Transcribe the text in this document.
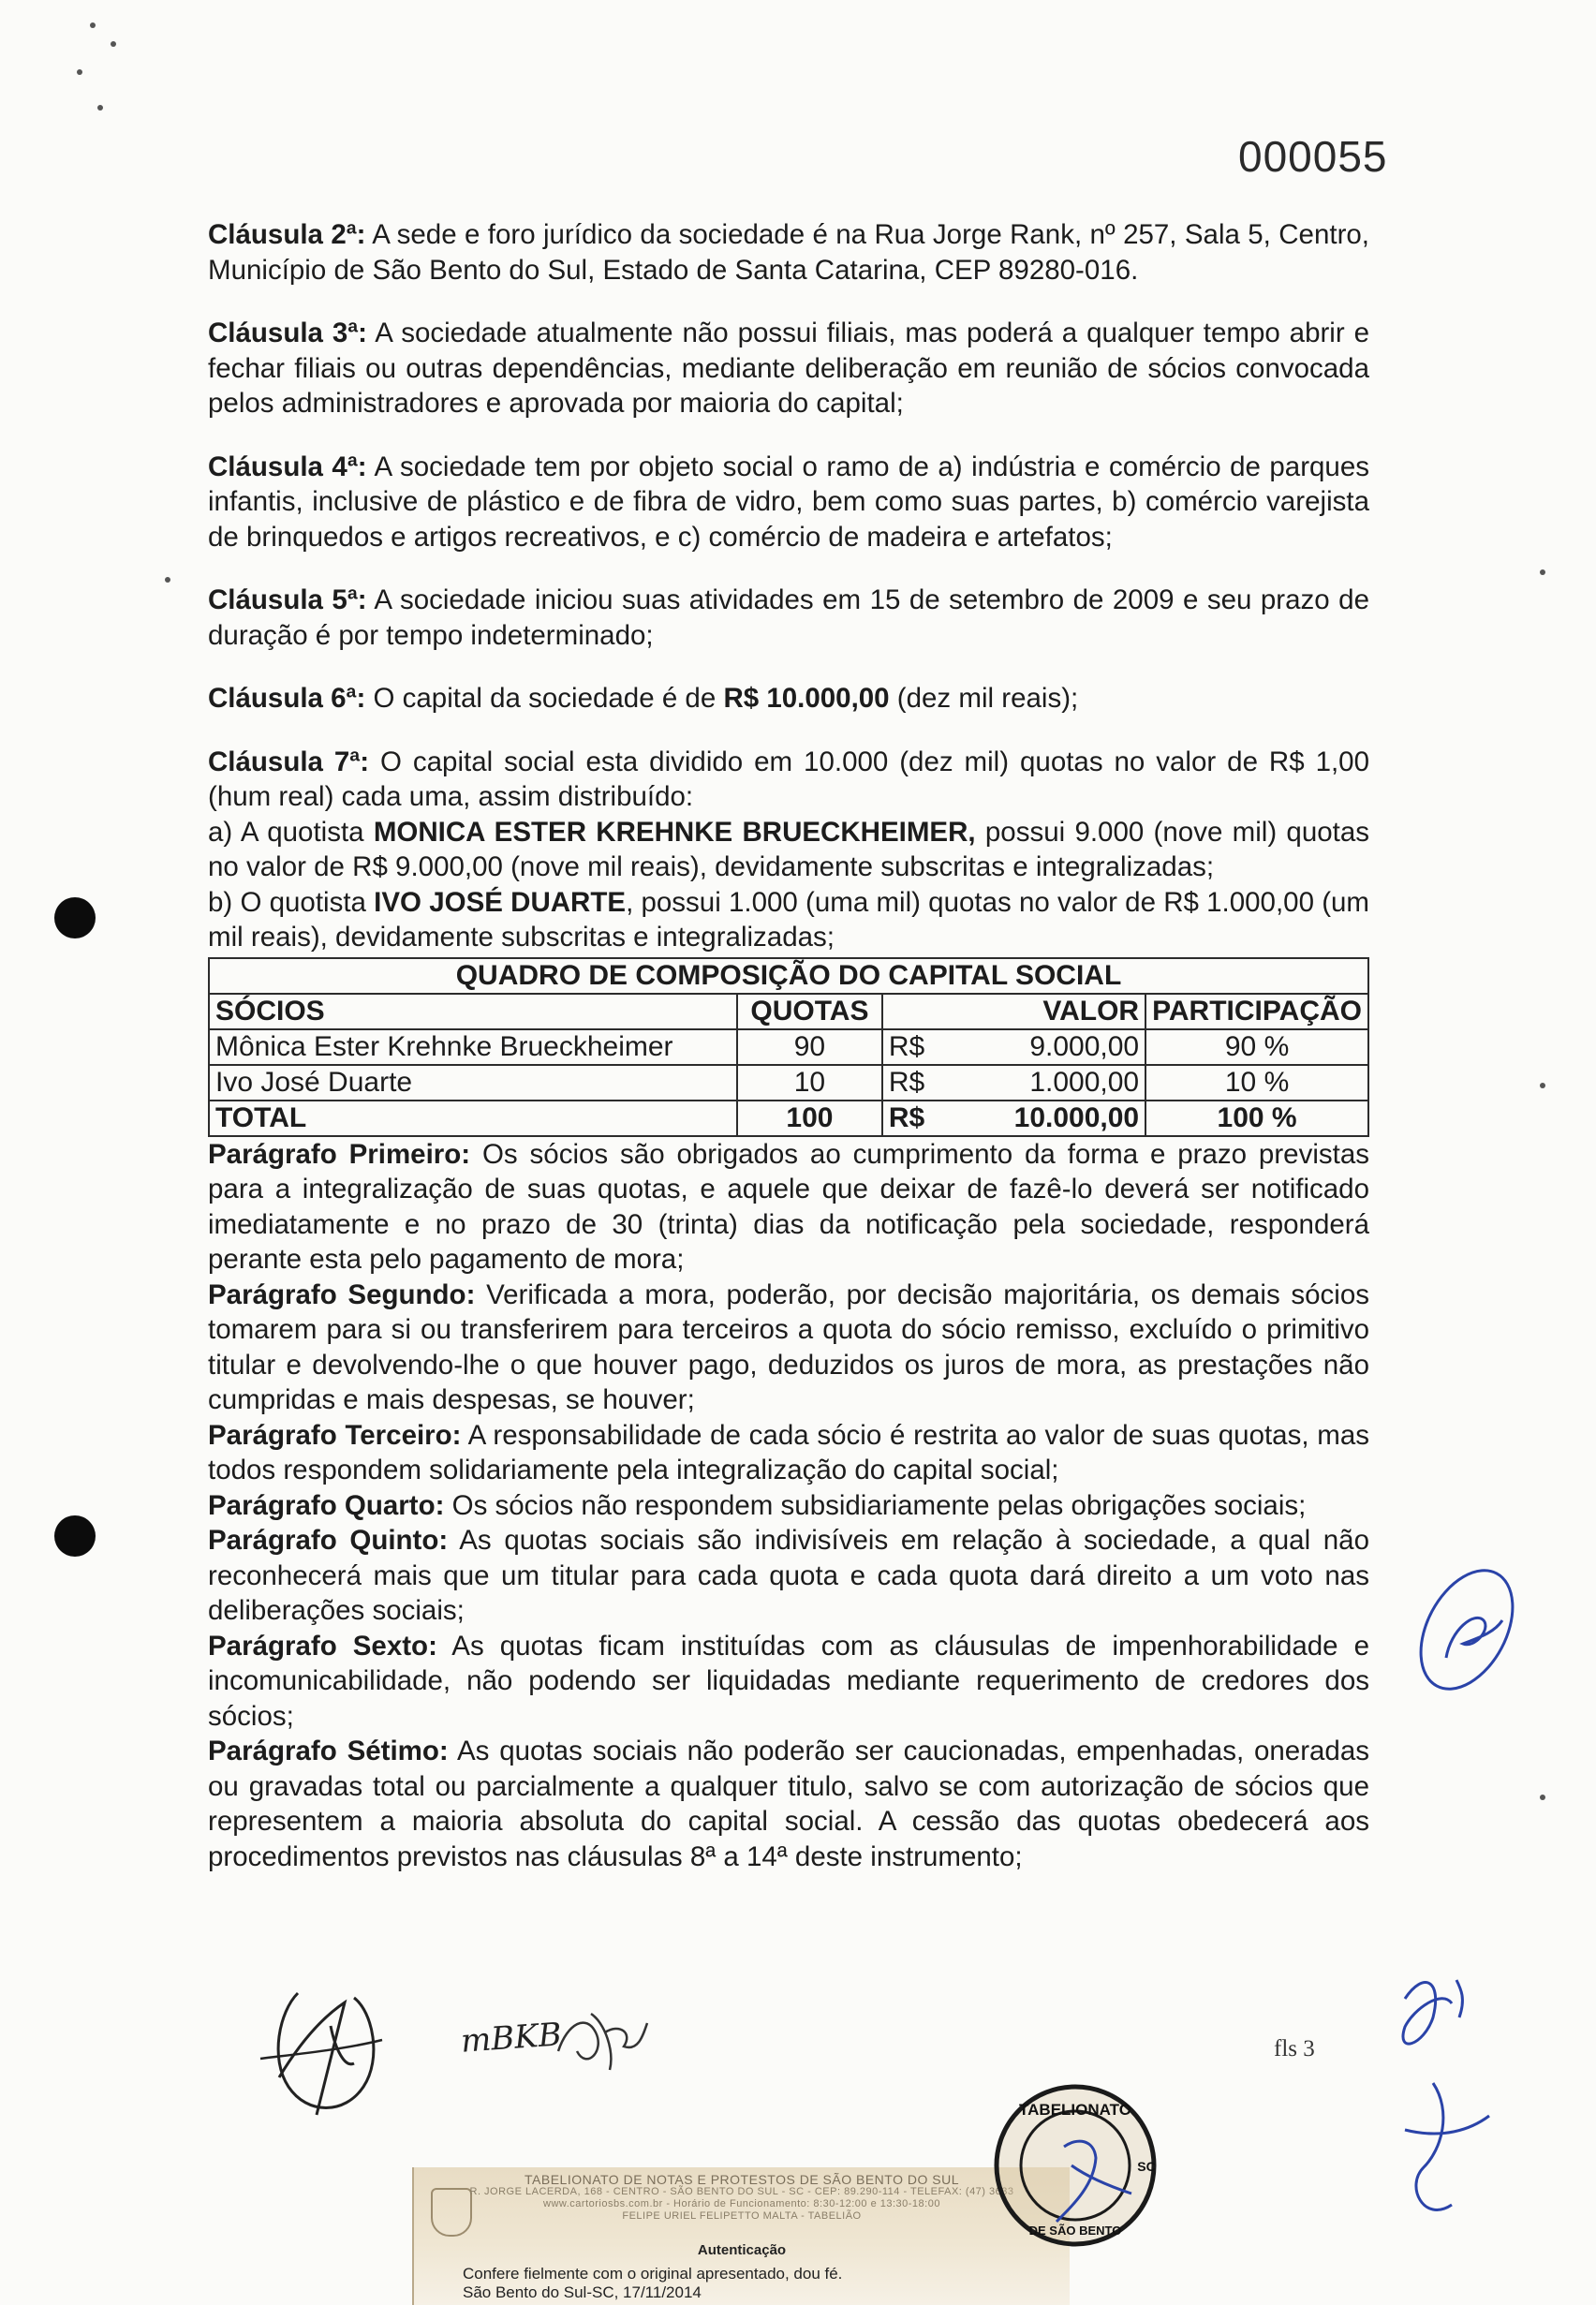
000055

Cláusula 2ª: A sede e foro jurídico da sociedade é na Rua Jorge Rank, nº 257, Sala 5, Centro, Município de São Bento do Sul, Estado de Santa Catarina, CEP 89280-016.

Cláusula 3ª: A sociedade atualmente não possui filiais, mas poderá a qualquer tempo abrir e fechar filiais ou outras dependências, mediante deliberação em reunião de sócios convocada pelos administradores e aprovada por maioria do capital;

Cláusula 4ª: A sociedade tem por objeto social o ramo de a) indústria e comércio de parques infantis, inclusive de plástico e de fibra de vidro, bem como suas partes, b) comércio varejista de brinquedos e artigos recreativos, e c) comércio de madeira e artefatos;

Cláusula 5ª: A sociedade iniciou suas atividades em 15 de setembro de 2009 e seu prazo de duração é por tempo indeterminado;

Cláusula 6ª: O capital da sociedade é de R$ 10.000,00 (dez mil reais);

Cláusula 7ª: O capital social esta dividido em 10.000 (dez mil) quotas no valor de R$ 1,00 (hum real) cada uma, assim distribuído:

a) A quotista MONICA ESTER KREHNKE BRUECKHEIMER, possui 9.000 (nove mil) quotas no valor de R$ 9.000,00 (nove mil reais), devidamente subscritas e integralizadas;

b) O quotista IVO JOSÉ DUARTE, possui 1.000 (uma mil) quotas no valor de R$ 1.000,00 (um mil reais), devidamente subscritas e integralizadas;

QUADRO DE COMPOSIÇÃO DO CAPITAL SOCIAL				
SÓCIOS	QUOTAS	VALOR		PARTICIPAÇÃO
Mônica Ester Krehnke Brueckheimer	90	R$	9.000,00	90 %
Ivo José Duarte	10	R$	1.000,00	10 %
TOTAL	100	R$	10.000,00	100 %

Parágrafo Primeiro: Os sócios são obrigados ao cumprimento da forma e prazo previstas para a integralização de suas quotas, e aquele que deixar de fazê-lo deverá ser notificado imediatamente e no prazo de 30 (trinta) dias da notificação pela sociedade, responderá perante esta pelo pagamento de mora;

Parágrafo Segundo: Verificada a mora, poderão, por decisão majoritária, os demais sócios tomarem para si ou transferirem para terceiros a quota do sócio remisso, excluído o primitivo titular e devolvendo-lhe o que houver pago, deduzidos os juros de mora, as prestações não cumpridas e mais despesas, se houver;

Parágrafo Terceiro: A responsabilidade de cada sócio é restrita ao valor de suas quotas, mas todos respondem solidariamente pela integralização do capital social;

Parágrafo Quarto: Os sócios não respondem subsidiariamente pelas obrigações sociais;

Parágrafo Quinto: As quotas sociais são indivisíveis em relação à sociedade, a qual não reconhecerá mais que um titular para cada quota e cada quota dará direito a um voto nas deliberações sociais;

Parágrafo Sexto: As quotas ficam instituídas com as cláusulas de impenhorabilidade e incomunicabilidade, não podendo ser liquidadas mediante requerimento de credores dos sócios;

Parágrafo Sétimo: As quotas sociais não poderão ser caucionadas, empenhadas, oneradas ou gravadas total ou parcialmente a qualquer titulo, salvo se com autorização de sócios que representem a maioria absoluta do capital social. A cessão das quotas obedecerá aos procedimentos previstos nas cláusulas 8ª a 14ª deste instrumento;

mBKB	fls 3
TABELIONATO DE NOTAS E PROTESTOS DE SÃO BENTO DO SUL
R. JORGE LACERDA, 168 - CENTRO - SÃO BENTO DO SUL - SC - CEP: 89.290-114 - TELEFAX: (47) 3633
www.cartoriosbs.com.br - Horário de Funcionamento: 8:30-12:00 e 13:30-18:00
FELIPE URIEL FELIPETTO MALTA - TABELIÃO
Autenticação
Confere fielmente com o original apresentado, dou fé.
São Bento do Sul-SC, 17/11/2014
TABELIONATO
SC
DE SÃO BENTO
